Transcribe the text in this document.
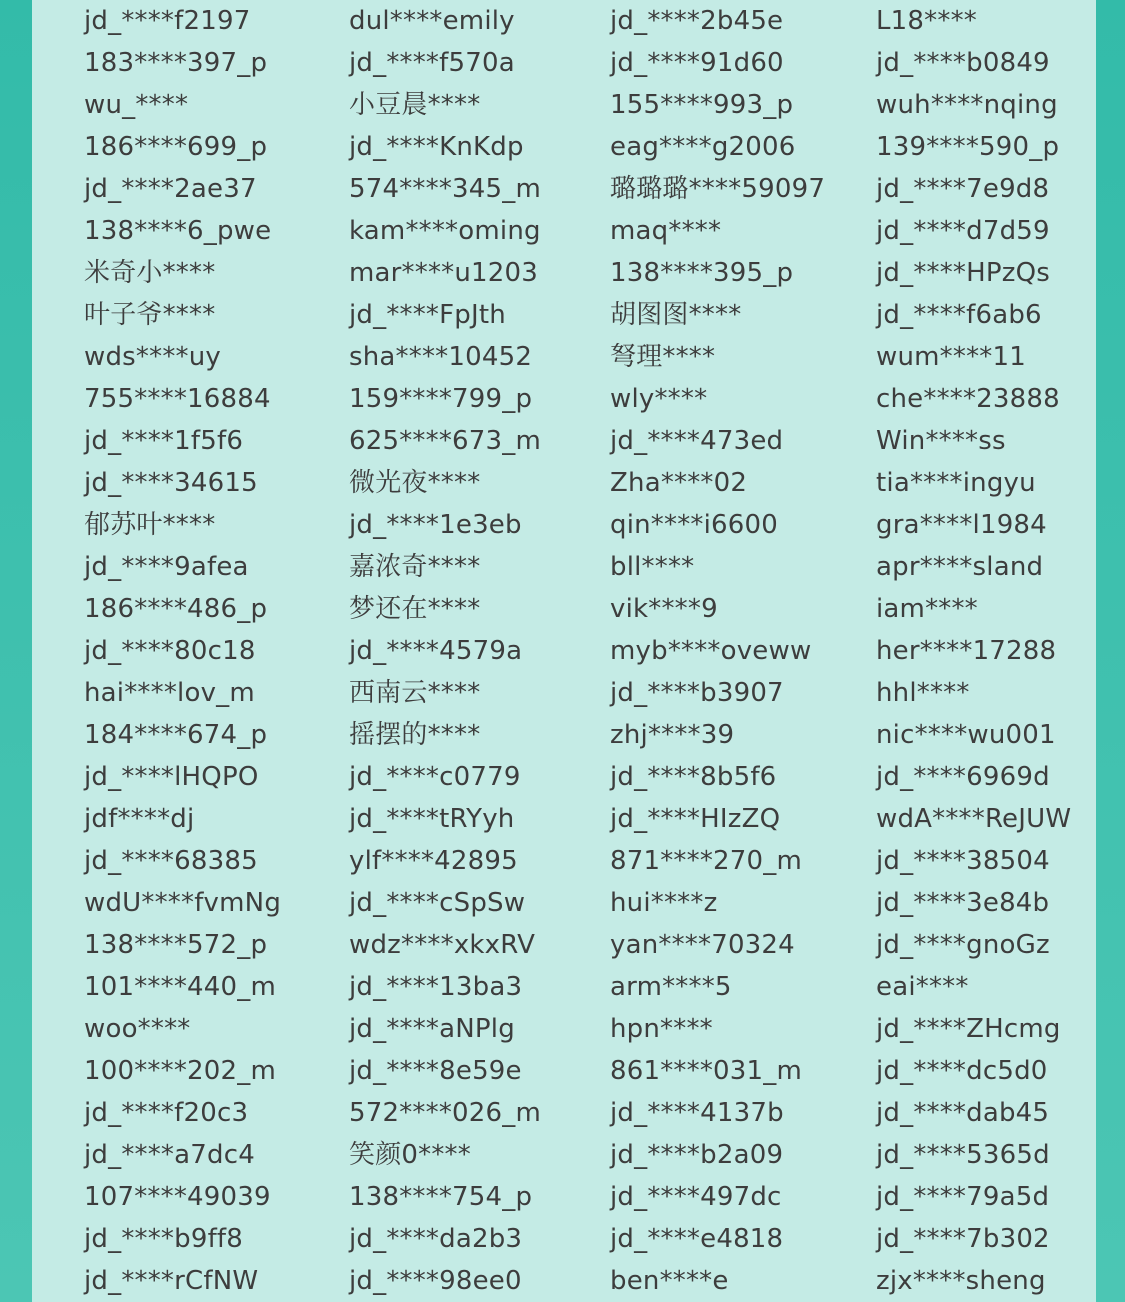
jd_****f2197	dul****emily	jd_****2b45e	L18****
183****397_p	jd_****f570a	jd_****91d60	jd_****b0849
wu_****	小豆晨****	155****993_p	wuh****nqing
186****699_p	jd_****KnKdp	eag****g2006	139****590_p
jd_****2ae37	574****345_m	璐璐璐****59097	jd_****7e9d8
138****6_pwe	kam****oming	maq****	jd_****d7d59
米奇小****	mar****u1203	138****395_p	jd_****HPzQs
叶子爷****	jd_****FpJth	胡图图****	jd_****f6ab6
wds****uy	sha****10452	弩理****	wum****11
755****16884	159****799_p	wly****	che****23888
jd_****1f5f6	625****673_m	jd_****473ed	Win****ss
jd_****34615	微光夜****	Zha****02	tia****ingyu
郁苏叶****	jd_****1e3eb	qin****i6600	gra****l1984
jd_****9afea	嘉浓奇****	bll****	apr****sland
186****486_p	梦还在****	vik****9	iam****
jd_****80c18	jd_****4579a	myb****oveww	her****17288
hai****lov_m	西南云****	jd_****b3907	hhl****
184****674_p	摇摆的****	zhj****39	nic****wu001
jd_****lHQPO	jd_****c0779	jd_****8b5f6	jd_****6969d
jdf****dj	jd_****tRYyh	jd_****HIzZQ	wdA****ReJUW
jd_****68385	ylf****42895	871****270_m	jd_****38504
wdU****fvmNg	jd_****cSpSw	hui****z	jd_****3e84b
138****572_p	wdz****xkxRV	yan****70324	jd_****gnoGz
101****440_m	jd_****13ba3	arm****5	eai****
woo****	jd_****aNPlg	hpn****	jd_****ZHcmg
100****202_m	jd_****8e59e	861****031_m	jd_****dc5d0
jd_****f20c3	572****026_m	jd_****4137b	jd_****dab45
jd_****a7dc4	笑颜0****	jd_****b2a09	jd_****5365d
107****49039	138****754_p	jd_****497dc	jd_****79a5d
jd_****b9ff8	jd_****da2b3	jd_****e4818	jd_****7b302
jd_****rCfNW	jd_****98ee0	ben****e	zjx****sheng
